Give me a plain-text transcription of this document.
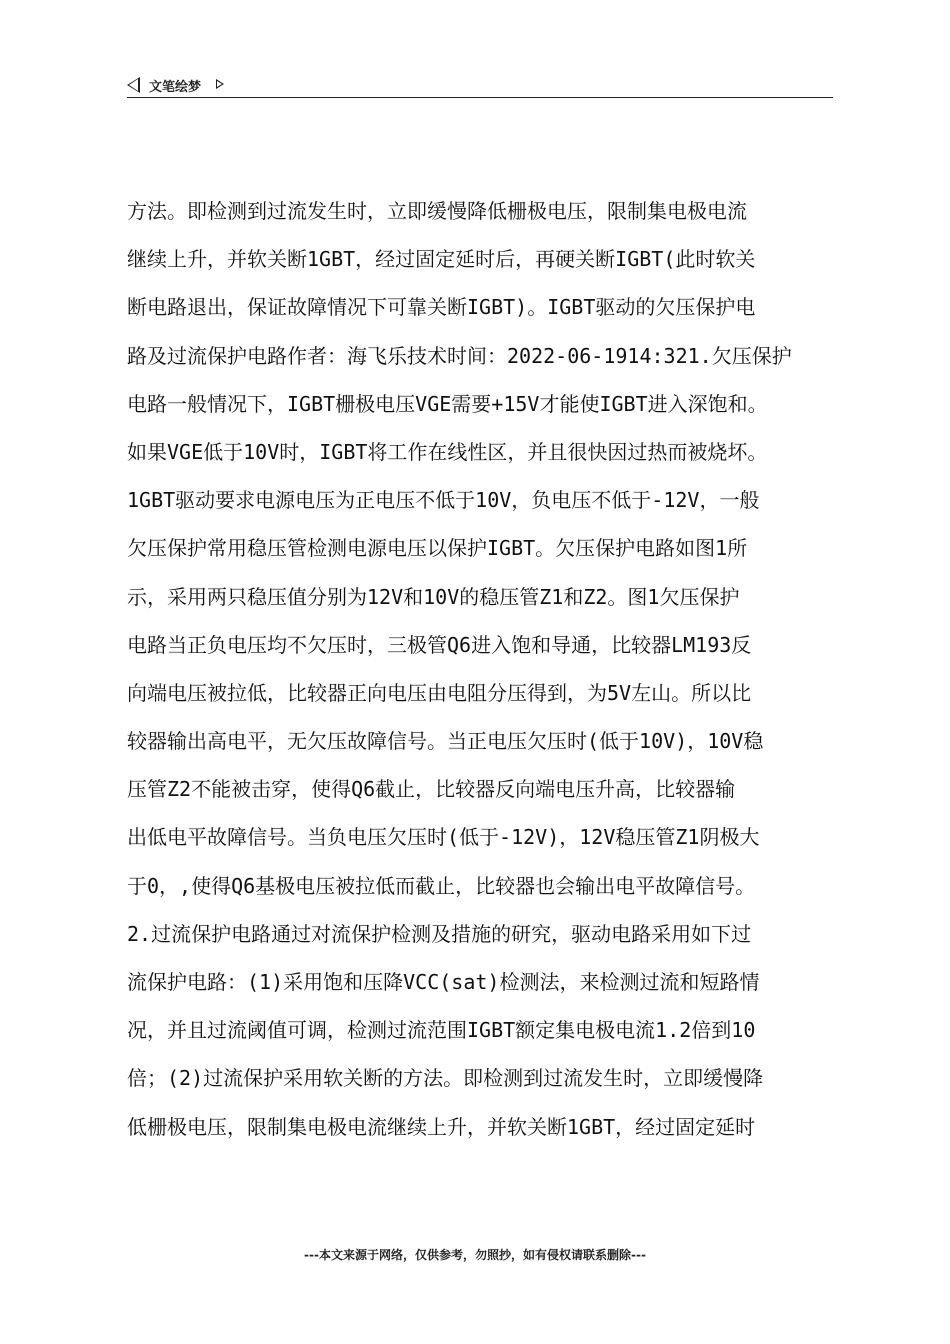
文笔绘梦
方法。即检测到过流发生时，立即缓慢降低栅极电压，限制集电极电流
继续上升，并软关断1GBT，经过固定延时后，再硬关断IGBT(此时软关
断电路退出，保证故障情况下可靠关断IGBT)。IGBT驱动的欠压保护电
路及过流保护电路作者：海飞乐技术时间：2022-06-1914:321.欠压保护
电路一般情况下，IGBT栅极电压VGE需要+15V才能使IGBT进入深饱和。
如果VGE低于10V时，IGBT将工作在线性区，并且很快因过热而被烧坏。
1GBT驱动要求电源电压为正电压不低于10V，负电压不低于-12V，一般
欠压保护常用稳压管检测电源电压以保护IGBT。欠压保护电路如图1所
示，采用两只稳压值分别为12V和10V的稳压管Z1和Z2。图1欠压保护
电路当正负电压均不欠压时，三极管Q6进入饱和导通，比较器LM193反
向端电压被拉低，比较器正向电压由电阻分压得到，为5V左山。所以比
较器输出高电平，无欠压故障信号。当正电压欠压时(低于10V)，10V稳
压管Z2不能被击穿，使得Q6截止，比较器反向端电压升高，比较器输
出低电平故障信号。当负电压欠压时(低于-12V)，12V稳压管Z1阴极大
于0，,使得Q6基极电压被拉低而截止，比较器也会输出电平故障信号。
2.过流保护电路通过对流保护检测及措施的研究，驱动电路采用如下过
流保护电路：(1)采用饱和压降VCC(sat)检测法，来检测过流和短路情
况，并且过流阈值可调，检测过流范围IGBT额定集电极电流1.2倍到10
倍；(2)过流保护采用软关断的方法。即检测到过流发生时，立即缓慢降
低栅极电压，限制集电极电流继续上升，并软关断1GBT，经过固定延时
---本文来源于网络，仅供参考，勿照抄，如有侵权请联系删除---
